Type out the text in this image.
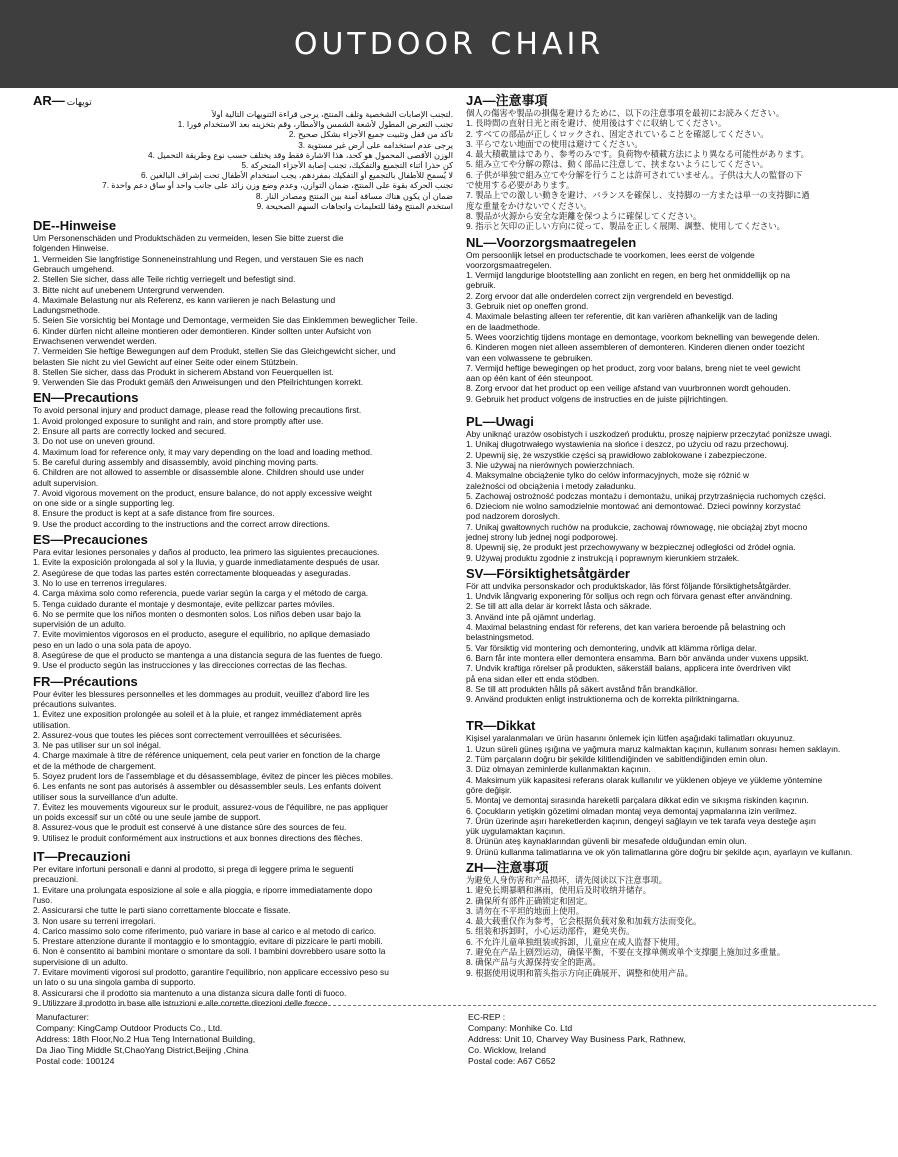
OUTDOOR CHAIR
AR— تويهات
.لتجنب الإصابات الشخصية وتلف المنتج، يرجى قراءة التنويهات التالية أولاً
تجنب التعرض المطول لأشعة الشمس والأمطار، وقم بتخزينه بعد الاستخدام فوراً .1
تأكد من قفل وتثبيت جميع الأجزاء بشكل صحيح .2
يرجى عدم استخدامه على أرض غير مستوية .3
الوزن الأقصى المحمول هو كحد، هذا الاشارة فقط وقد يختلف حسب نوع وطريقة التحميل .4
كن حذراً أثناء التجميع والتفكيك، تجنب إصابة الأجزاء المتحركة .5
لا يُسمح للأطفال بالتجميع أو التفكيك بمفردهم، يجب استخدام الأطفال تحت إشراف البالغين .6
تجنب الحركة بقوة على المنتج، ضمان التوازن، وعدم وضع وزن زائد على جانب واحد أو ساق دعم واحدة .7
ضمان أن يكون هناك مسافة آمنة بين المنتج ومصادر النار .8
استخدم المنتج وفقاً للتعليمات واتجاهات السهم الصحيحة .9
DE--Hinweise
Um Personenschäden und Produktschäden zu vermeiden, lesen Sie bitte zuerst die
folgenden Hinweise.
1. Vermeiden Sie langfristige Sonneneinstrahlung und Regen, und verstauen Sie es nach
Gebrauch umgehend.
2. Stellen Sie sicher, dass alle Teile richtig verriegelt und befestigt sind.
3. Bitte nicht auf unebenem Untergrund verwenden.
4. Maximale Belastung nur als Referenz, es kann variieren je nach Belastung und
Ladungsmethode.
5. Seien Sie vorsichtig bei Montage und Demontage, vermeiden Sie das Einklemmen beweglicher Teile.
6. Kinder dürfen nicht alleine montieren oder demontieren. Kinder sollten unter Aufsicht von
Erwachsenen verwendet werden.
7. Vermeiden Sie heftige Bewegungen auf dem Produkt, stellen Sie das Gleichgewicht sicher, und
belasten Sie nicht zu viel Gewicht auf einer Seite oder einem Stützbein.
8. Stellen Sie sicher, dass das Produkt in sicherem Abstand von Feuerquellen ist.
9. Verwenden Sie das Produkt gemäß den Anweisungen und den Pfeilrichtungen korrekt.
EN—Precautions
To avoid personal injury and product damage, please read the following precautions first.
1. Avoid prolonged exposure to sunlight and rain, and store promptly after use.
2. Ensure all parts are correctly locked and secured.
3. Do not use on uneven ground.
4. Maximum load for reference only, it may vary depending on the load and loading method.
5. Be careful during assembly and disassembly, avoid pinching moving parts.
6. Children are not allowed to assemble or disassemble alone. Children should use under
adult supervision.
7. Avoid vigorous movement on the product, ensure balance, do not apply excessive weight
on one side or a single supporting leg.
8. Ensure the product is kept at a safe distance from fire sources.
9. Use the product according to the instructions and the correct arrow directions.
ES—Precauciones
Para evitar lesiones personales y daños al producto, lea primero las siguientes precauciones.
1. Evite la exposición prolongada al sol y la lluvia, y guarde inmediatamente después de usar.
2. Asegúrese de que todas las partes estén correctamente bloqueadas y aseguradas.
3. No lo use en terrenos irregulares.
4. Carga máxima solo como referencia, puede variar según la carga y el método de carga.
5. Tenga cuidado durante el montaje y desmontaje, evite pellizcar partes móviles.
6. No se permite que los niños monten o desmonten solos. Los niños deben usar bajo la
supervisión de un adulto.
7. Evite movimientos vigorosos en el producto, asegure el equilibrio, no aplique demasiado
peso en un lado o una sola pata de apoyo.
8. Asegúrese de que el producto se mantenga a una distancia segura de las fuentes de fuego.
9. Use el producto según las instrucciones y las direcciones correctas de las flechas.
FR—Précautions
Pour éviter les blessures personnelles et les dommages au produit, veuillez d'abord lire les
précautions suivantes.
1. Évitez une exposition prolongée au soleil et à la pluie, et rangez immédiatement après
utilisation.
2. Assurez-vous que toutes les pièces sont correctement verrouillées et sécurisées.
3. Ne pas utiliser sur un sol inégal.
4. Charge maximale à titre de référence uniquement, cela peut varier en fonction de la charge
et de la méthode de chargement.
5. Soyez prudent lors de l'assemblage et du désassemblage, évitez de pincer les pièces mobiles.
6. Les enfants ne sont pas autorisés à assembler ou désassembler seuls. Les enfants doivent
utiliser sous la surveillance d'un adulte.
7. Évitez les mouvements vigoureux sur le produit, assurez-vous de l'équilibre, ne pas appliquer
un poids excessif sur un côté ou une seule jambe de support.
8. Assurez-vous que le produit est conservé à une distance sûre des sources de feu.
9. Utilisez le produit conformément aux instructions et aux bonnes directions des flèches.
IT—Precauzioni
Per evitare infortuni personali e danni al prodotto, si prega di leggere prima le seguenti
precauzioni.
1. Evitare una prolungata esposizione al sole e alla pioggia, e riporre immediatamente dopo
l'uso.
2. Assicurarsi che tutte le parti siano correttamente bloccate e fissate.
3. Non usare su terreni irregolari.
4. Carico massimo solo come riferimento, può variare in base al carico e al metodo di carico.
5. Prestare attenzione durante il montaggio e lo smontaggio, evitare di pizzicare le parti mobili.
6. Non è consentito ai bambini montare o smontare da soli. I bambini dovrebbero usare sotto la
supervisione di un adulto.
7. Evitare movimenti vigorosi sul prodotto, garantire l'equilibrio, non applicare eccessivo peso su
un lato o su una singola gamba di supporto.
8. Assicurarsi che il prodotto sia mantenuto a una distanza sicura dalle fonti di fuoco.
9. Utilizzare il prodotto in base alle istruzioni e alle corrette direzioni delle frecce.
JA—注意事項
個人の傷害や製品の損傷を避けるために、以下の注意事項を最初にお読みください。
1. 長時間の直射日光と雨を避け、使用後はすぐに収納してください。
2. すべての部品が正しくロックされ、固定されていることを確認してください。
3. 平らでない地面での使用は避けてください。
4. 最大積載量はであり、参考のみです。負荷物や積載方法により異なる可能性があります。
5. 組み立てや分解の際は、動く部品に注意して、挟まないようにしてください。
6. 子供が単独で組み立てや分解を行うことは許可されていません。子供は大人の監督の下
で使用する必要があります。
7. 製品上での激しい動きを避け、バランスを確保し、支持脚の一方または単一の支持脚に過
度な重量をかけないでください。
8. 製品が火源から安全な距離を保つように確保してください。
9. 指示と矢印の正しい方向に従って、製品を正しく展開、調整、使用してください。
NL—Voorzorgsmaatregelen
Om persoonlijk letsel en productschade te voorkomen, lees eerst de volgende
voorzorgsmaatregelen.
1. Vermijd langdurige blootstelling aan zonlicht en regen, en berg het onmiddellijk op na
gebruik.
2. Zorg ervoor dat alle onderdelen correct zijn vergrendeld en bevestigd.
3. Gebruik niet op oneffen grond.
4. Maximale belasting alleen ter referentie, dit kan variëren afhankelijk van de lading
en de laadmethode.
5. Wees voorzichtig tijdens montage en demontage, voorkom beknelling van bewegende delen.
6. Kinderen mogen niet alleen assembleren of demonteren. Kinderen dienen onder toezicht
van een volwassene te gebruiken.
7. Vermijd heftige bewegingen op het product, zorg voor balans, breng niet te veel gewicht
aan op één kant of één steunpoot.
8. Zorg ervoor dat het product op een veilige afstand van vuurbronnen wordt gehouden.
9. Gebruik het product volgens de instructies en de juiste pijlrichtingen.
PL—Uwagi
Aby uniknąć urazów osobistych i uszkodzeń produktu, proszę najpierw przeczytać poniższe uwagi.
1. Unikaj długotrwałego wystawienia na słońce i deszcz, po użyciu od razu przechowuj.
2. Upewnij się, że wszystkie części są prawidłowo zablokowane i zabezpieczone.
3. Nie używaj na nierównych powierzchniach.
4. Maksymalne obciążenie tylko do celów informacyjnych, może się różnić w
zależności od obciążenia i metody załadunku.
5. Zachowaj ostrożność podczas montażu i demontażu, unikaj przytrzaśnięcia ruchomych części.
6. Dzieciom nie wolno samodzielnie montować ani demontować. Dzieci powinny korzystać
pod nadzorem dorosłych.
7. Unikaj gwałtownych ruchów na produkcie, zachowaj równowagę, nie obciążaj zbyt mocno
jednej strony lub jednej nogi podporowej.
8. Upewnij się, że produkt jest przechowywany w bezpiecznej odległości od źródeł ognia.
9. Używaj produktu zgodnie z instrukcją i poprawnym kierunkiem strzałek.
SV—Försiktighetsåtgärder
För att undvika personskador och produktskador, läs först följande försiktighetsåtgärder.
1. Undvik långvarig exponering för solljus och regn och förvara genast efter användning.
2. Se till att alla delar är korrekt låsta och säkrade.
3. Använd inte på ojämnt underlag.
4. Maximal belastning endast för referens, det kan variera beroende på belastning och
belastningsmetod.
5. Var försiktig vid montering och demontering, undvik att klämma rörliga delar.
6. Barn får inte montera eller demontera ensamma. Barn bör använda under vuxens uppsikt.
7. Undvik kraftiga rörelser på produkten, säkerställ balans, applicera inte överdriven vikt
på ena sidan eller ett enda stödben.
8. Se till att produkten hålls på säkert avstånd från brandkällor.
9. Använd produkten enligt instruktionerna och de korrekta pilriktningarna.
TR—Dikkat
Kişisel yaralanmaları ve ürün hasarını önlemek için lütfen aşağıdaki talimatları okuyunuz.
1. Uzun süreli güneş ışığına ve yağmura maruz kalmaktan kaçının, kullanım sonrası hemen saklayın.
2. Tüm parçaların doğru bir şekilde kilitlendiğinden ve sabitlendiğinden emin olun.
3. Düz olmayan zeminlerde kullanmaktan kaçının.
4. Maksimum yük kapasitesi referans olarak kullanılır ve yüklenen objeye ve yükleme yöntemine
göre değişir.
5. Montaj ve demontaj sırasında hareketli parçalara dikkat edin ve sıkışma riskinden kaçının.
6. Çocukların yetişkin gözetimi olmadan montaj veya demontaj yapmalarına izin verilmez.
7. Ürün üzerinde aşırı hareketlerden kaçının, dengeyi sağlayın ve tek tarafa veya desteğe aşırı
yük uygulamaktan kaçının.
8. Ürünün ateş kaynaklarından güvenli bir mesafede olduğundan emin olun.
9. Ürünü kullanma talimatlarına ve ok yön talimatlarına göre doğru bir şekilde açın, ayarlayın ve kullanın.
ZH—注意事项
为避免人身伤害和产品损坏，请先阅读以下注意事项。
1. 避免长期暴晒和淋雨，使用后及时收纳并储存。
2. 确保所有部件正确锁定和固定。
3. 请勿在不平坦的地面上使用。
4. 最大载重仅作为参考，它会根据负载对象和加载方法而变化。
5. 组装和拆卸时，小心运动部件，避免夹伤。
6. 不允许儿童单独组装或拆卸，儿童应在成人监督下使用。
7. 避免在产品上剧烈运动，确保平衡，不要在支撑单侧或单个支撑腿上施加过多重量。
8. 确保产品与火源保持安全的距离。
9. 根据使用说明和箭头指示方向正确展开、调整和使用产品。
Manufacturer:
Company: KingCamp Outdoor Products Co., Ltd.
Address: 18th Floor,No.2 Hua Teng International Building,
Da Jiao Ting Middle St,ChaoYang District,Beijing ,China
Postal code: 100124
EC-REP :
Company: Monhike Co. Ltd
Address: Unit 10, Charvey Way Business Park, Rathnew,
Co. Wicklow, Ireland
Postal code: A67 C652
